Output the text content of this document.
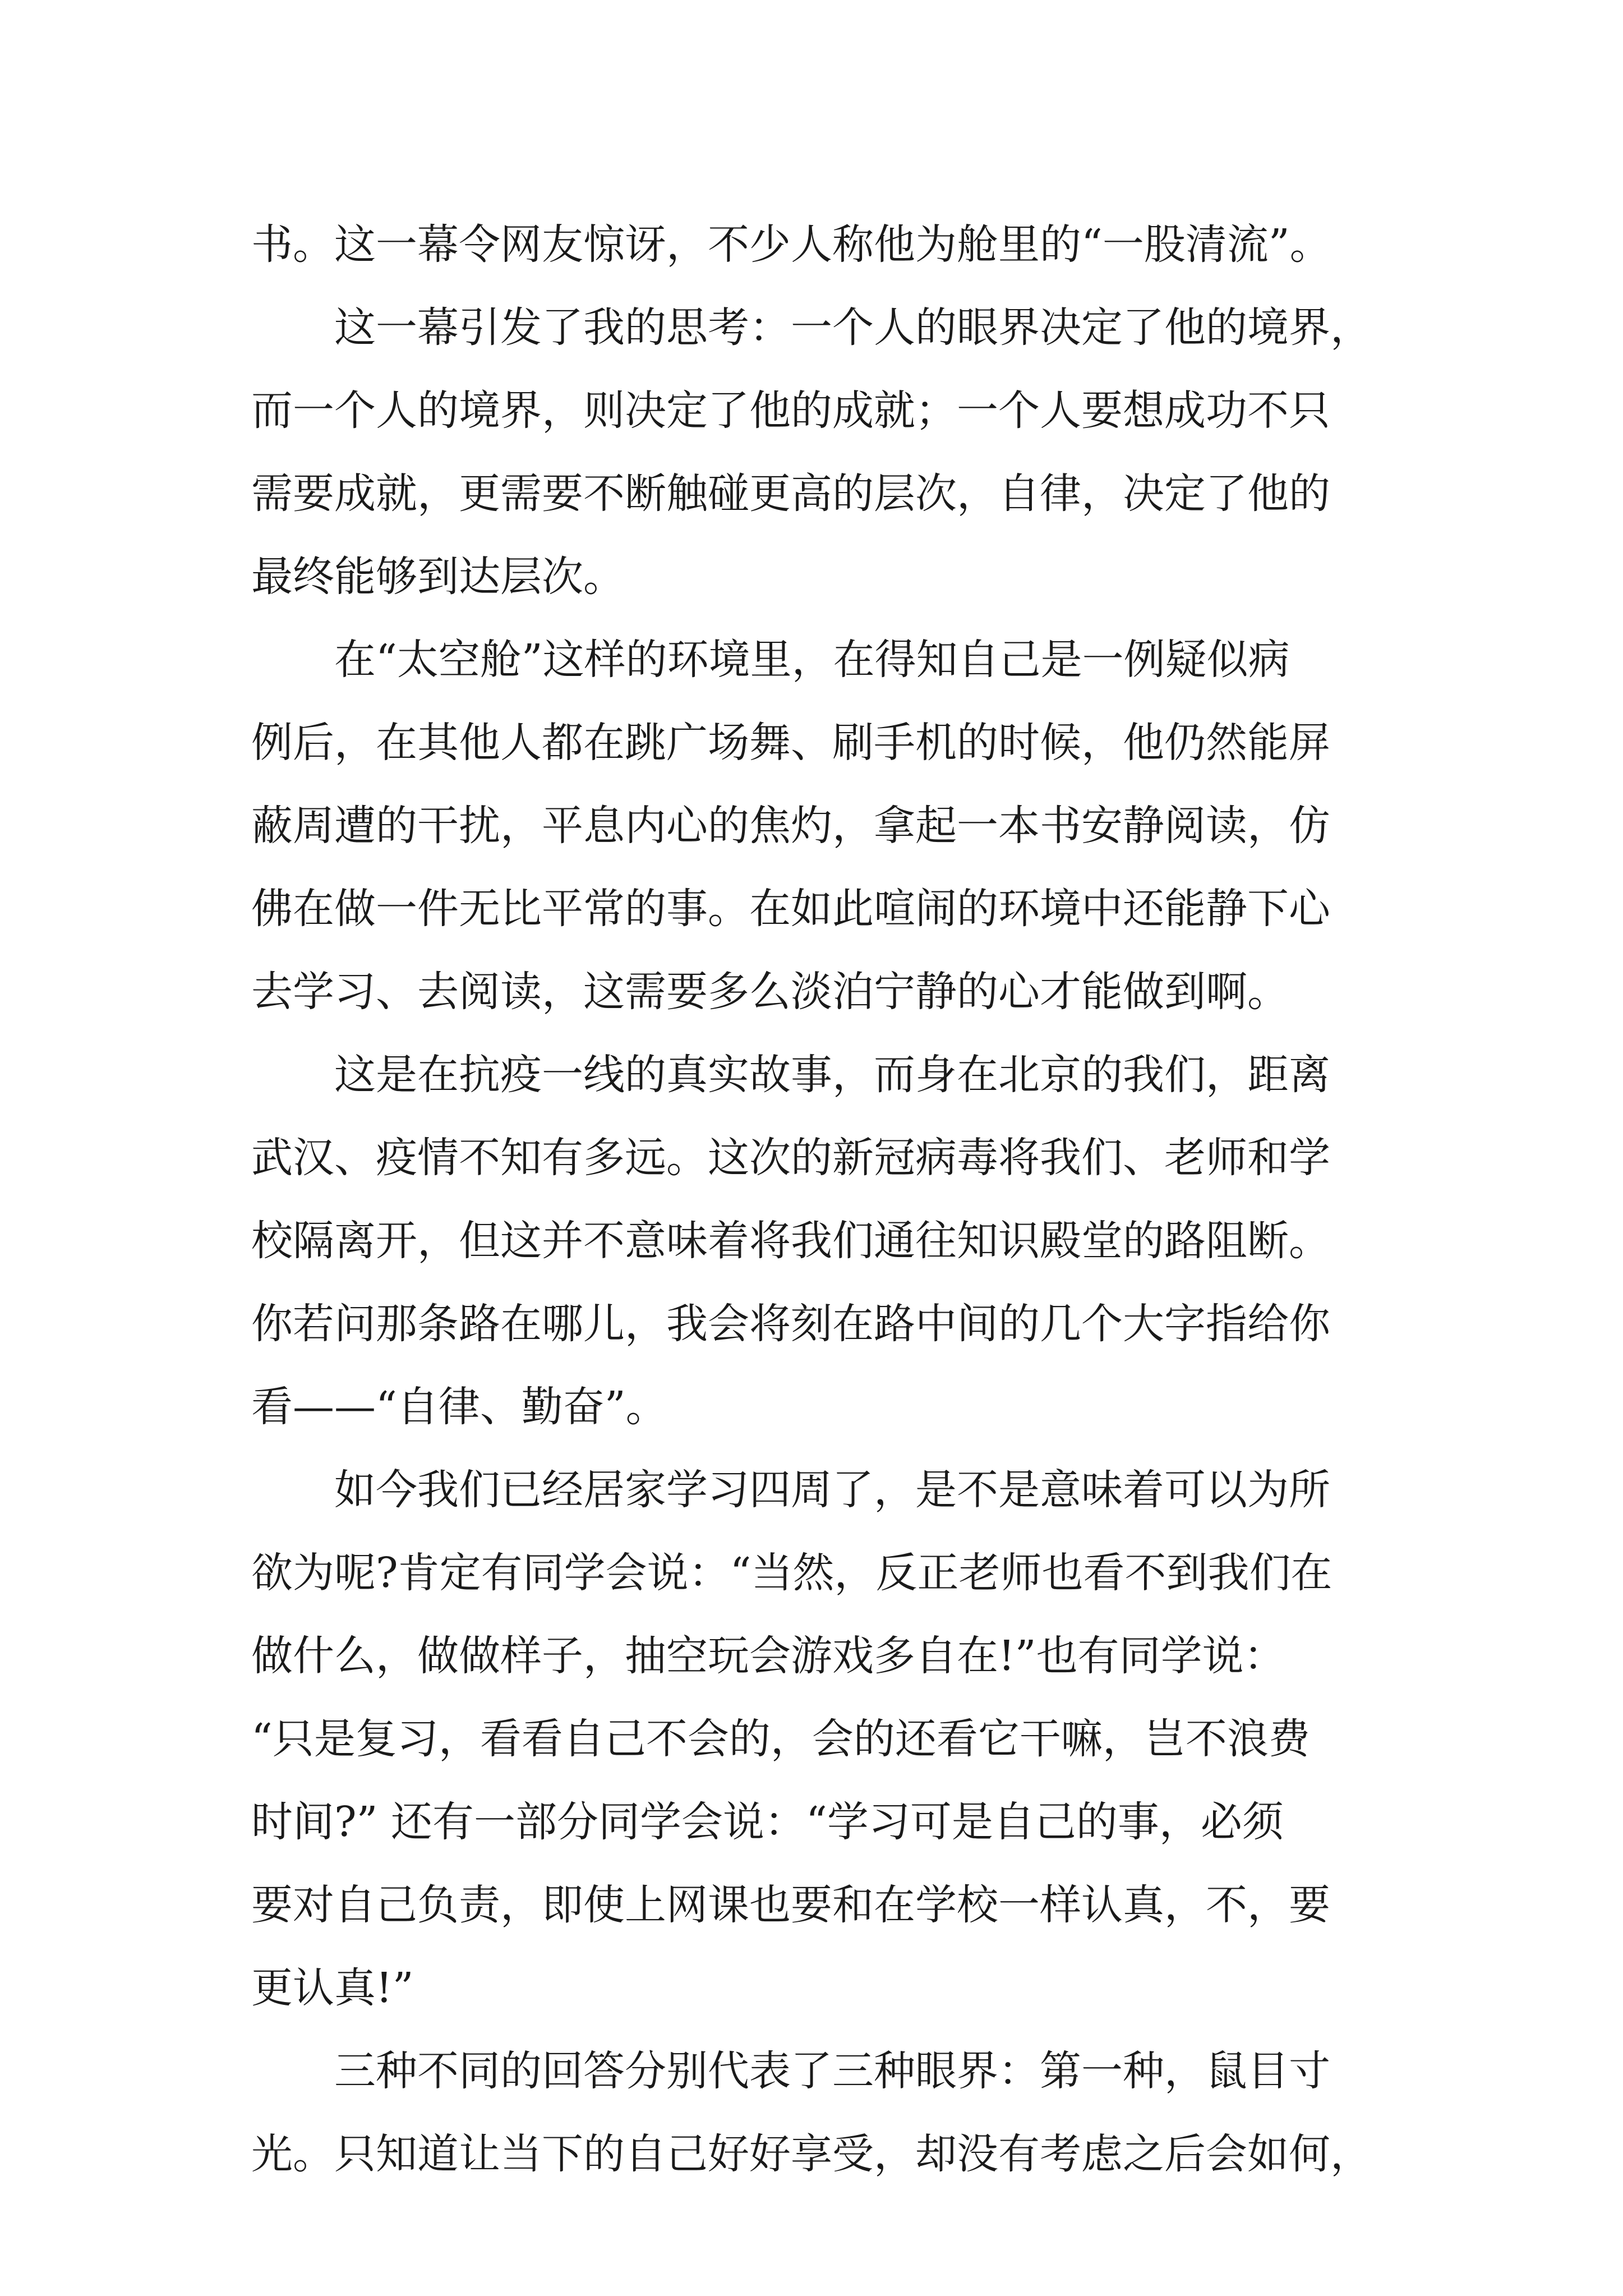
书。这一幕令网友惊讶，不少人称他为舱里的“一股清流”。
这一幕引发了我的思考：一个人的眼界决定了他的境界，
而一个人的境界，则决定了他的成就；一个人要想成功不只
需要成就，更需要不断触碰更高的层次，自律，决定了他的
最终能够到达层次。
在“太空舱”这样的环境里，在得知自己是一例疑似病
例后，在其他人都在跳广场舞、刷手机的时候，他仍然能屏
蔽周遭的干扰，平息内心的焦灼，拿起一本书安静阅读，仿
佛在做一件无比平常的事。在如此喧闹的环境中还能静下心
去学习、去阅读，这需要多么淡泊宁静的心才能做到啊。
这是在抗疫一线的真实故事，而身在北京的我们，距离
武汉、疫情不知有多远。这次的新冠病毒将我们、老师和学
校隔离开，但这并不意味着将我们通往知识殿堂的路阻断。
你若问那条路在哪儿，我会将刻在路中间的几个大字指给你
看——“自律、勤奋”。
如今我们已经居家学习四周了，是不是意味着可以为所
欲为呢?肯定有同学会说：“当然，反正老师也看不到我们在
做什么，做做样子，抽空玩会游戏多自在!”也有同学说：
“只是复习，看看自己不会的，会的还看它干嘛，岂不浪费
时间?” 还有一部分同学会说：“学习可是自己的事，必须
要对自己负责，即使上网课也要和在学校一样认真，不，要
更认真!”
三种不同的回答分别代表了三种眼界：第一种，鼠目寸
光。只知道让当下的自己好好享受，却没有考虑之后会如何，
